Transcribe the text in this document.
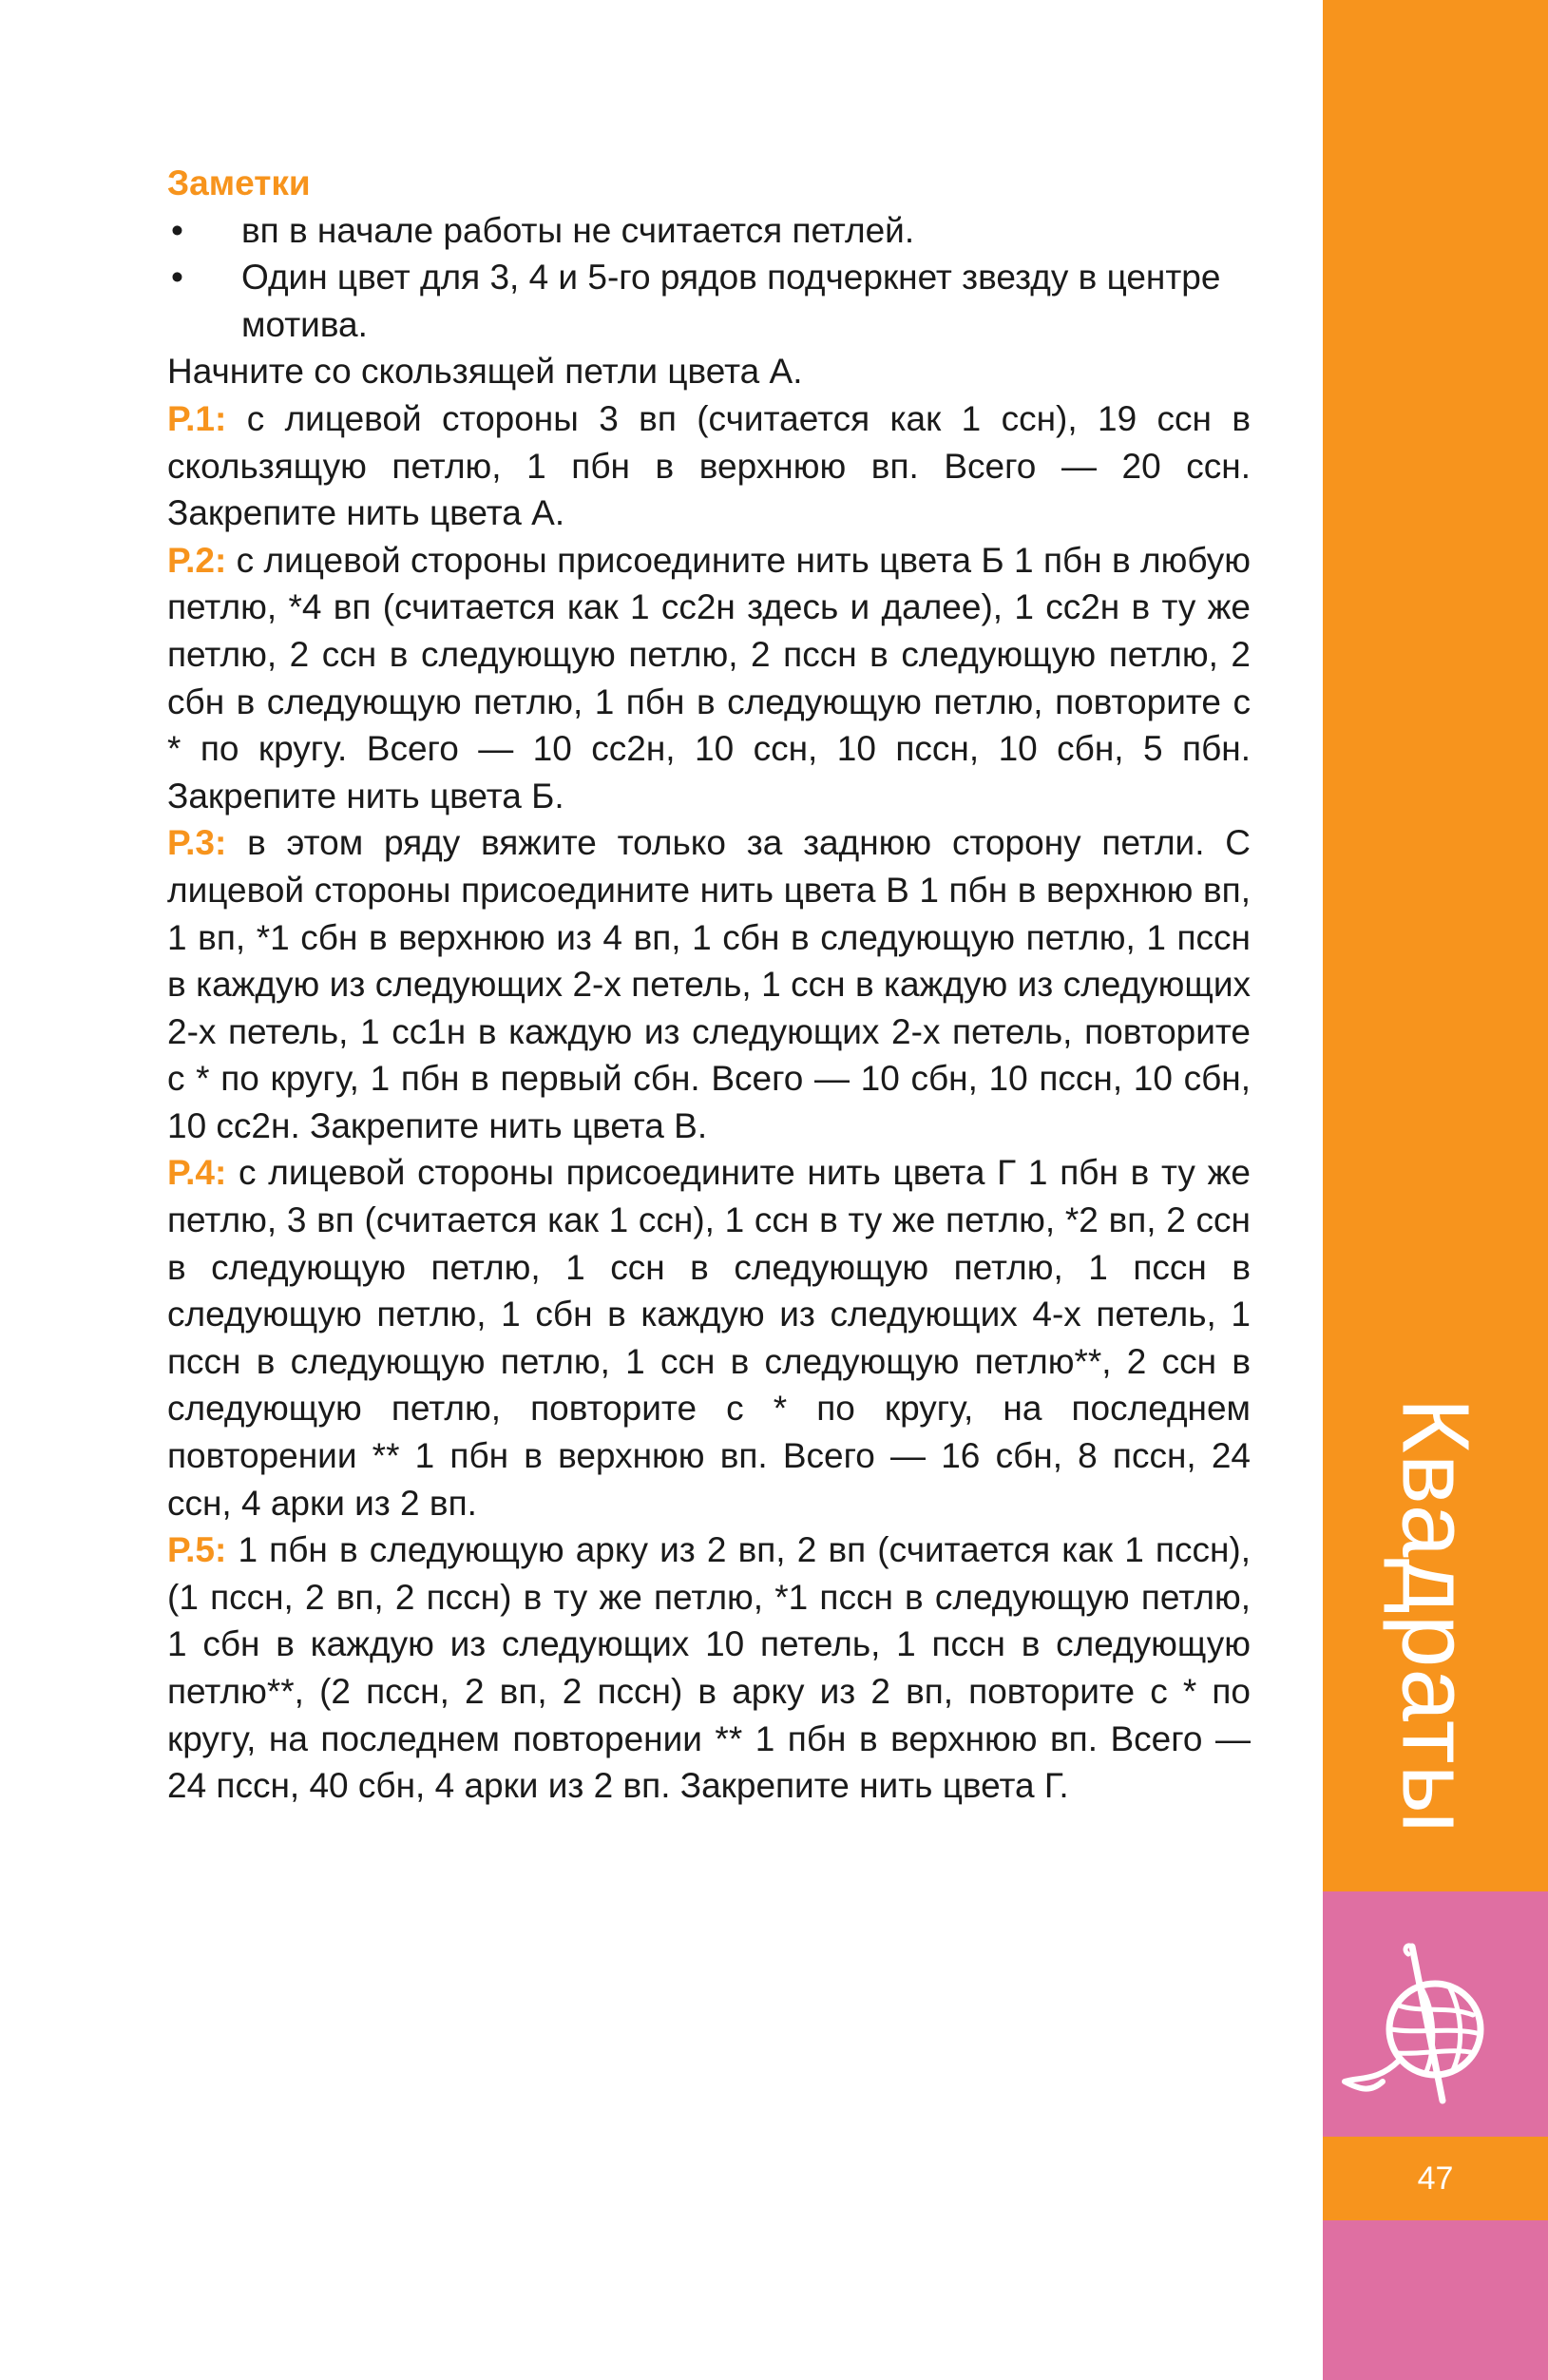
Заметки
• вп в начале работы не считается петлей.
• Один цвет для 3, 4 и 5-го рядов подчеркнет звезду в центре мотива.

Начните со скользящей петли цвета А.

Р.1: с лицевой стороны 3 вп (считается как 1 ссн), 19 ссн в скользящую петлю, 1 пбн в верхнюю вп. Всего — 20 ссн. Закрепите нить цвета А.

Р.2: с лицевой стороны присоедините нить цвета Б 1 пбн в любую петлю, *4 вп (считается как 1 сс2н здесь и далее), 1 сс2н в ту же петлю, 2 ссн в следующую петлю, 2 пссн в следующую петлю, 2 сбн в следующую петлю, 1 пбн в следующую петлю, повторите с * по кругу. Всего — 10 сс2н, 10 ссн, 10 пссн, 10 сбн, 5 пбн. Закрепите нить цвета Б.

Р.3: в этом ряду вяжите только за заднюю сторону петли. С лицевой стороны присоедините нить цвета В 1 пбн в верхнюю вп, 1 вп, *1 сбн в верхнюю из 4 вп, 1 сбн в следующую петлю, 1 пссн в каждую из следующих 2-х петель, 1 ссн в каждую из следующих 2-х петель, 1 сс1н в каждую из следующих 2-х петель, повторите с * по кругу, 1 пбн в первый сбн. Всего — 10 сбн, 10 пссн, 10 сбн, 10 сс2н. Закрепите нить цвета В.

Р.4: с лицевой стороны присоедините нить цвета Г 1 пбн в ту же петлю, 3 вп (считается как 1 ссн), 1 ссн в ту же петлю, *2 вп, 2 ссн в следующую петлю, 1 ссн в следующую петлю, 1 пссн в следующую петлю, 1 сбн в каждую из следующих 4-х петель, 1 пссн в следующую петлю, 1 ссн в следующую петлю**, 2 ссн в следующую петлю, повторите с * по кругу, на последнем повторении ** 1 пбн в верхнюю вп. Всего — 16 сбн, 8 пссн, 24 ссн, 4 арки из 2 вп.

Р.5: 1 пбн в следующую арку из 2 вп, 2 вп (считается как 1 пссн), (1 пссн, 2 вп, 2 пссн) в ту же петлю, *1 пссн в следующую петлю, 1 сбн в каждую из следующих 10 петель, 1 пссн в следующую петлю**, (2 пссн, 2 вп, 2 пссн) в арку из 2 вп, повторите с * по кругу, на последнем повторении ** 1 пбн в верхнюю вп. Всего — 24 пссн, 40 сбн, 4 арки из 2 вп. Закрепите нить цвета Г.	Квадраты
47
